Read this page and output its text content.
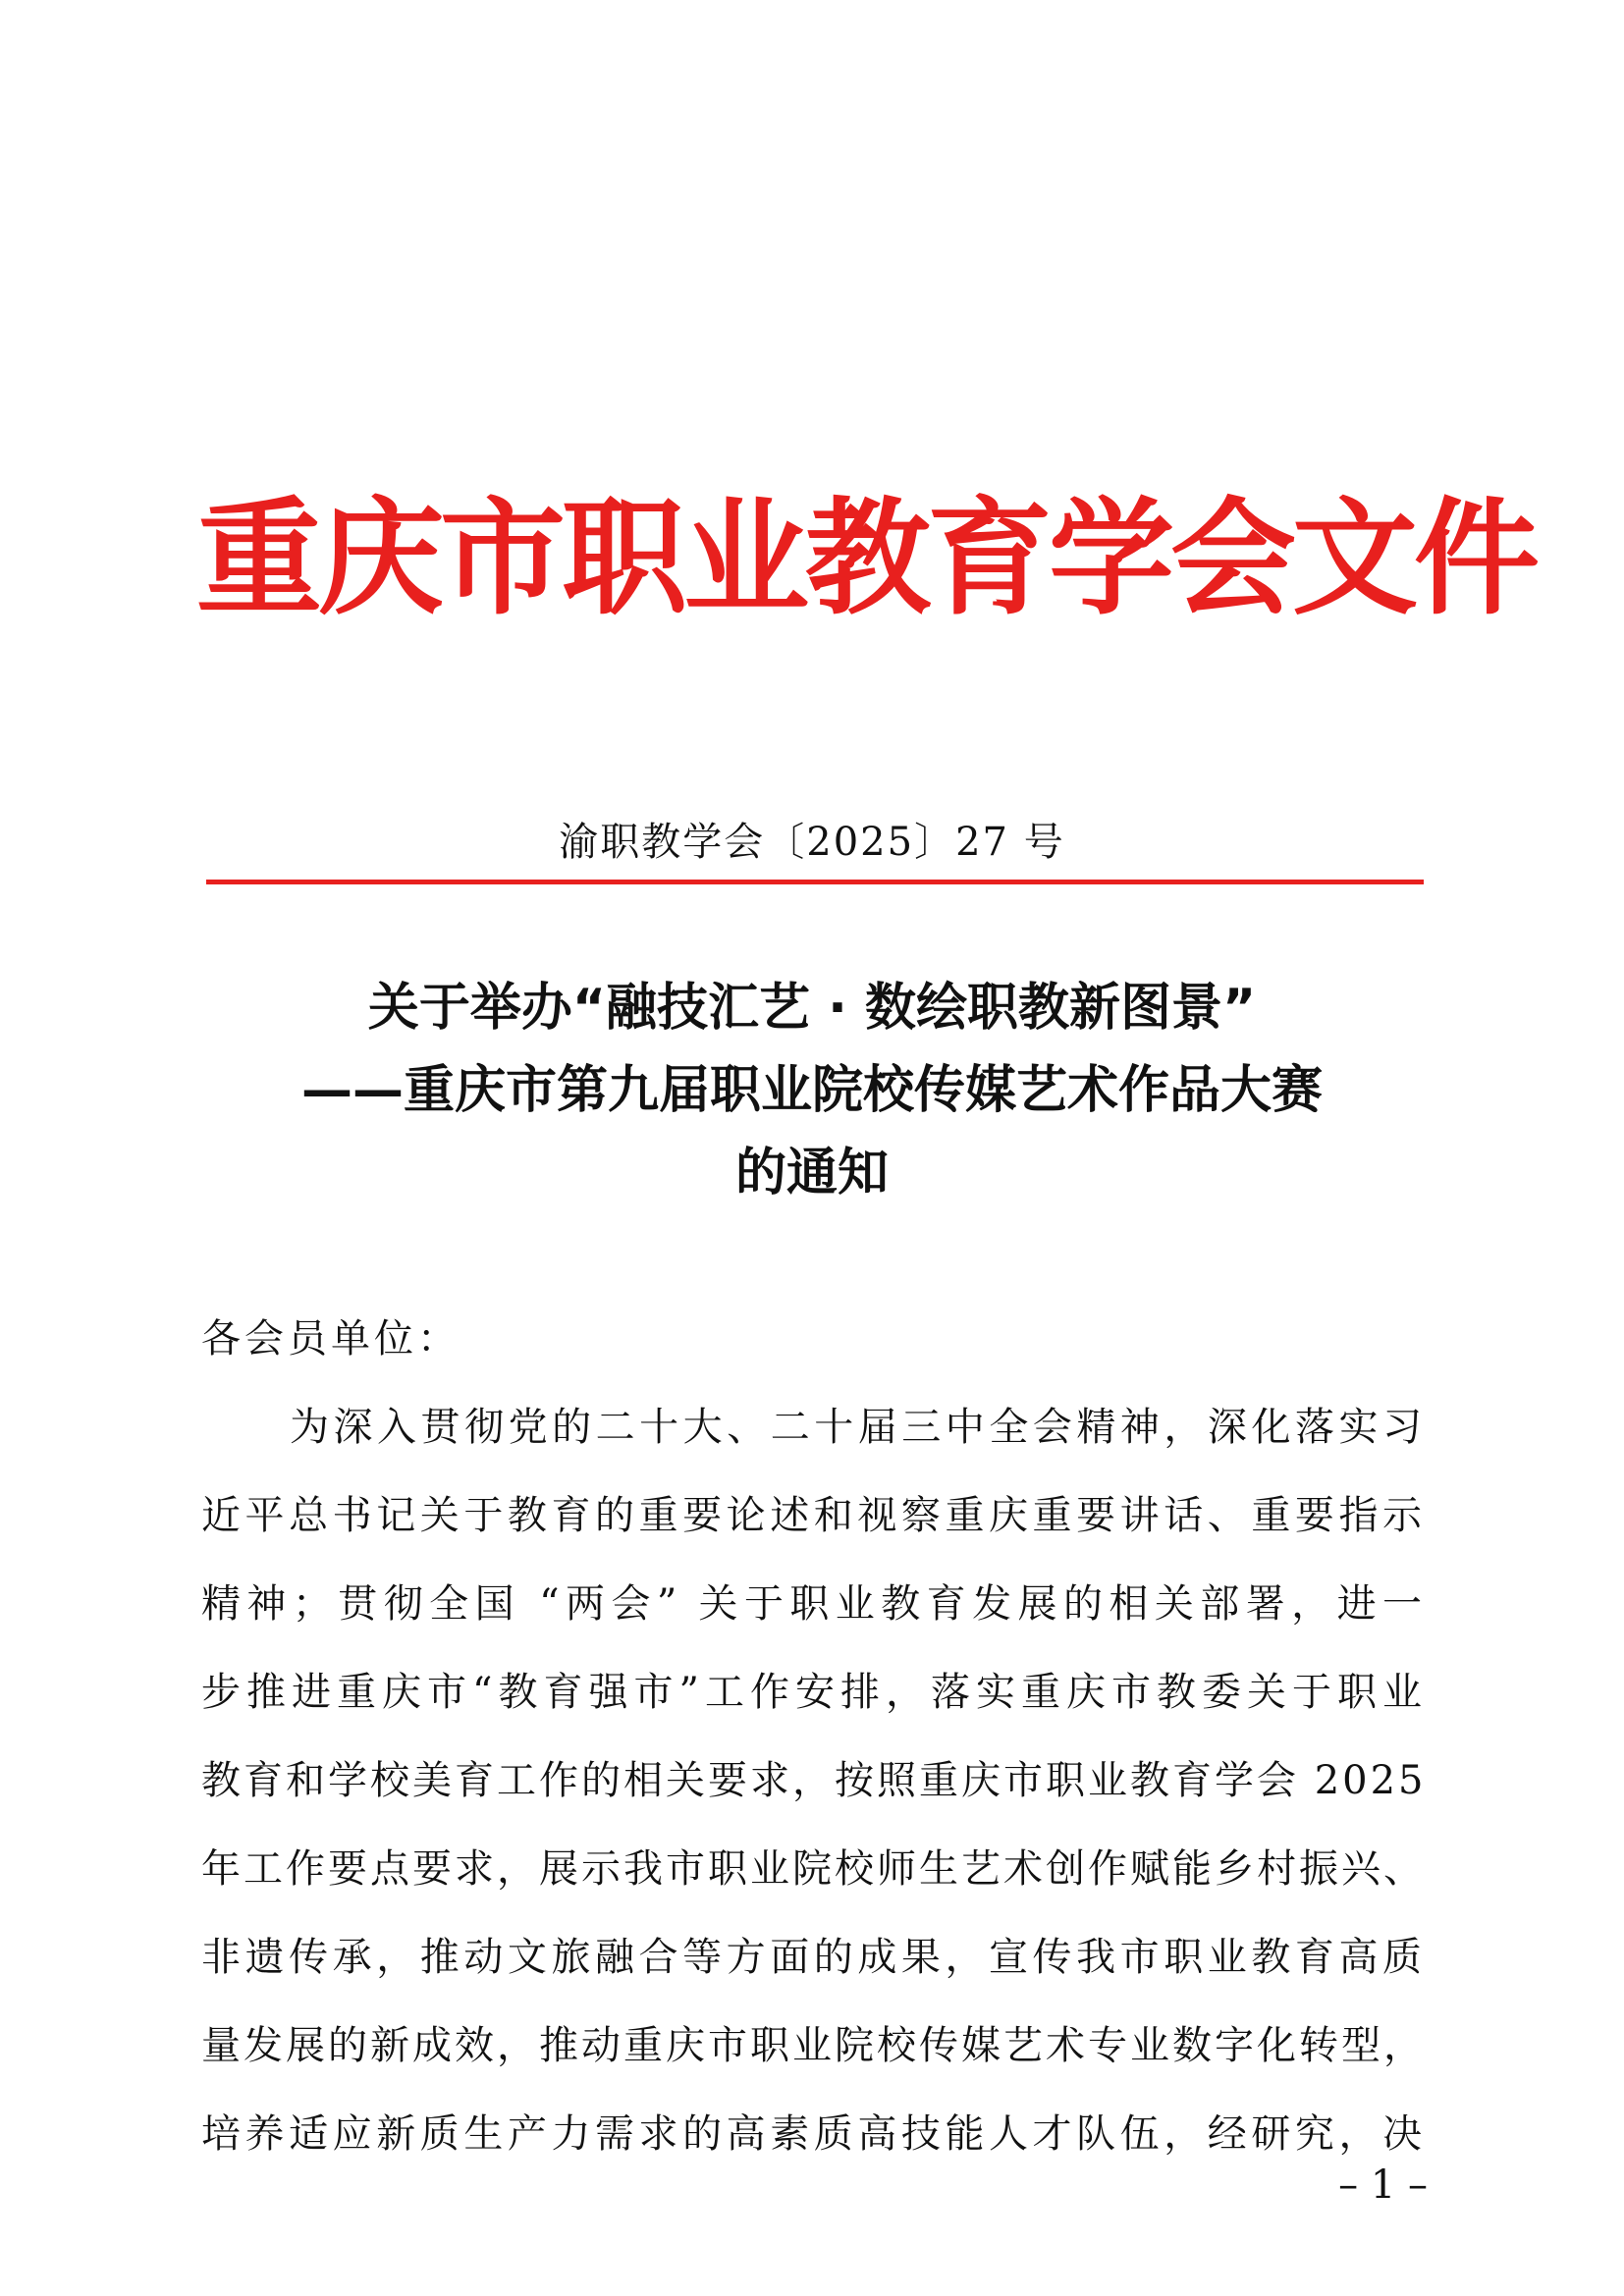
重庆市职业教育学会文件
渝职教学会〔2025〕27 号
关于举办“融技汇艺 · 数绘职教新图景”
——重庆市第九届职业院校传媒艺术作品大赛
的通知
各会员单位：
为深入贯彻党的二十大、二十届三中全会精神，深化落实习
近平总书记关于教育的重要论述和视察重庆重要讲话、重要指示
精神；贯彻全国 “两会” 关于职业教育发展的相关部署，进一
步推进重庆市“教育强市”工作安排，落实重庆市教委关于职业
教育和学校美育工作的相关要求，按照重庆市职业教育学会 2025
年工作要点要求，展示我市职业院校师生艺术创作赋能乡村振兴、
非遗传承，推动文旅融合等方面的成果，宣传我市职业教育高质
量发展的新成效，推动重庆市职业院校传媒艺术专业数字化转型，
培养适应新质生产力需求的高素质高技能人才队伍，经研究，决
– 1 –
